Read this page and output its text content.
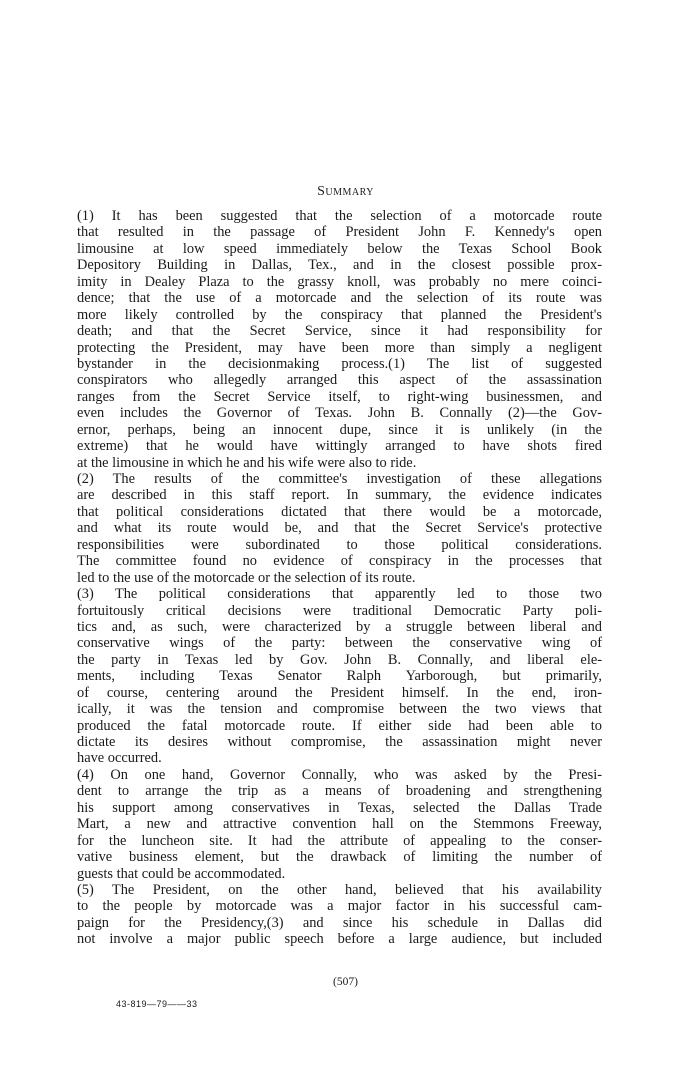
Summary
(1) It has been suggested that the selection of a motorcade route
that resulted in the passage of President John F. Kennedy's open
limousine at low speed immediately below the Texas School Book
Depository Building in Dallas, Tex., and in the closest possible prox-
imity in Dealey Plaza to the grassy knoll, was probably no mere coinci-
dence; that the use of a motorcade and the selection of its route was
more likely controlled by the conspiracy that planned the President's
death; and that the Secret Service, since it had responsibility for
protecting the President, may have been more than simply a negligent
bystander in the decisionmaking process.(1) The list of suggested
conspirators who allegedly arranged this aspect of the assassination
ranges from the Secret Service itself, to right-wing businessmen, and
even includes the Governor of Texas. John B. Connally (2)—the Gov-
ernor, perhaps, being an innocent dupe, since it is unlikely (in the
extreme) that he would have wittingly arranged to have shots fired
at the limousine in which he and his wife were also to ride.
(2) The results of the committee's investigation of these allegations
are described in this staff report. In summary, the evidence indicates
that political considerations dictated that there would be a motorcade,
and what its route would be, and that the Secret Service's protective
responsibilities were subordinated to those political considerations.
The committee found no evidence of conspiracy in the processes that
led to the use of the motorcade or the selection of its route.
(3) The political considerations that apparently led to those two
fortuitously critical decisions were traditional Democratic Party poli-
tics and, as such, were characterized by a struggle between liberal and
conservative wings of the party: between the conservative wing of
the party in Texas led by Gov. John B. Connally, and liberal ele-
ments, including Texas Senator Ralph Yarborough, but primarily,
of course, centering around the President himself. In the end, iron-
ically, it was the tension and compromise between the two views that
produced the fatal motorcade route. If either side had been able to
dictate its desires without compromise, the assassination might never
have occurred.
(4) On one hand, Governor Connally, who was asked by the Presi-
dent to arrange the trip as a means of broadening and strengthening
his support among conservatives in Texas, selected the Dallas Trade
Mart, a new and attractive convention hall on the Stemmons Freeway,
for the luncheon site. It had the attribute of appealing to the conser-
vative business element, but the drawback of limiting the number of
guests that could be accommodated.
(5) The President, on the other hand, believed that his availability
to the people by motorcade was a major factor in his successful cam-
paign for the Presidency,(3) and since his schedule in Dallas did
not involve a major public speech before a large audience, but included
(507)
43-819—79——33
